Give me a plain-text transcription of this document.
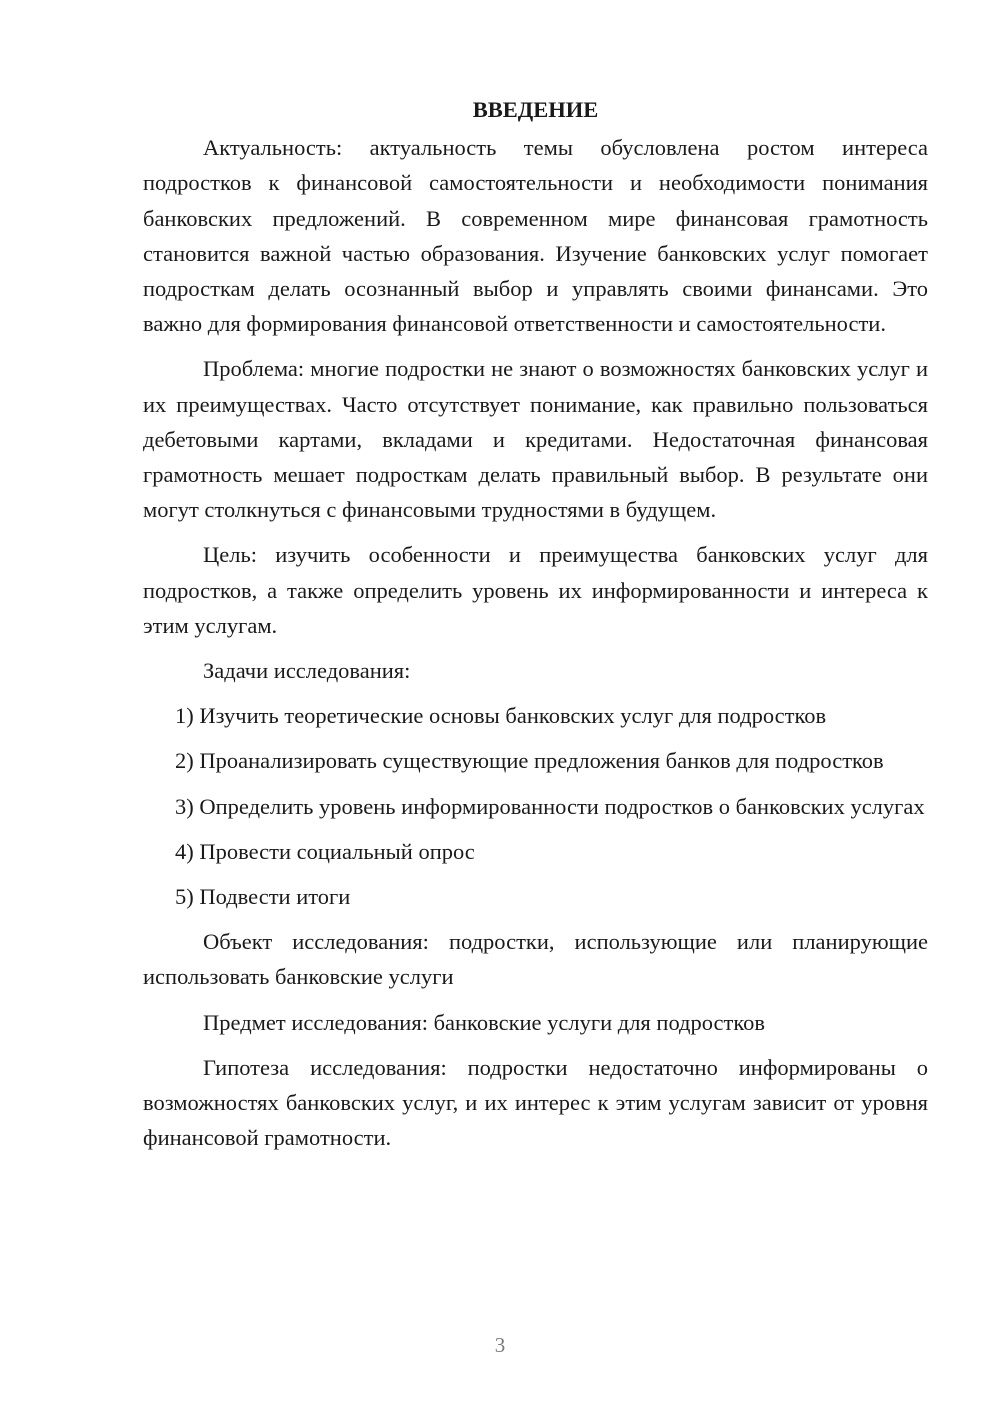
ВВЕДЕНИЕ

Актуальность: актуальность темы обусловлена ростом интереса подростков к финансовой самостоятельности и необходимости понимания банковских предложений. В современном мире финансовая грамотность становится важной частью образования. Изучение банковских услуг помогает подросткам делать осознанный выбор и управлять своими финансами. Это важно для формирования финансовой ответственности и самостоятельности.

Проблема: многие подростки не знают о возможностях банковских услуг и их преимуществах. Часто отсутствует понимание, как правильно пользоваться дебетовыми картами, вкладами и кредитами. Недостаточная финансовая грамотность мешает подросткам делать правильный выбор. В результате они могут столкнуться с финансовыми трудностями в будущем.

Цель: изучить особенности и преимущества банковских услуг для подростков, а также определить уровень их информированности и интереса к этим услугам.

Задачи исследования:

1) Изучить теоретические основы банковских услуг для подростков

2) Проанализировать существующие предложения банков для подростков

3) Определить уровень информированности подростков о банковских услугах

4) Провести социальный опрос

5) Подвести итоги

Объект исследования: подростки, использующие или планирующие использовать банковские услуги

Предмет исследования: банковские услуги для подростков

Гипотеза исследования: подростки недостаточно информированы о возможностях банковских услуг, и их интерес к этим услугам зависит от уровня финансовой грамотности.

3
